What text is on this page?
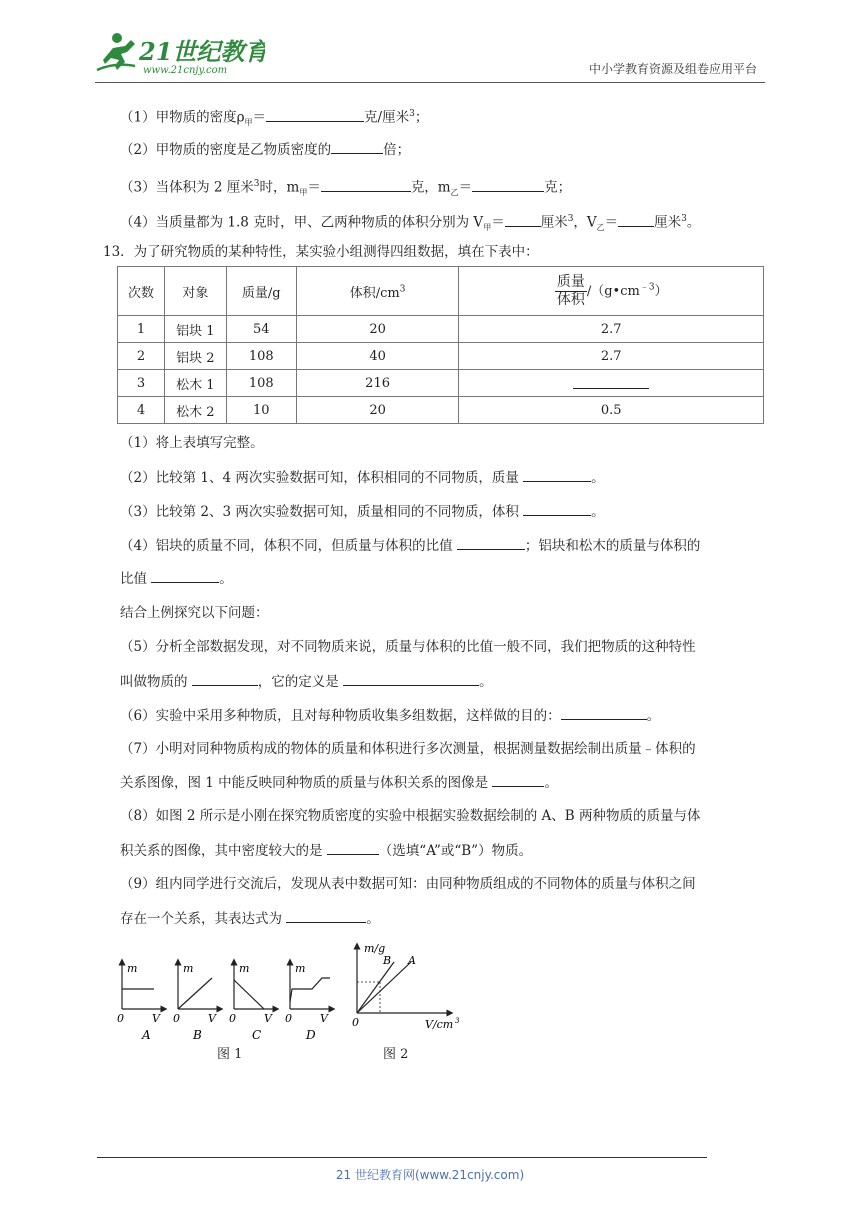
21世纪教育
www.21cnjy.com	中小学教育资源及组卷应用平台
（1）甲物质的密度$\rho_甲=$	克/厘米$^3$；
（2）甲物质的密度是乙物质密度的	倍；
（3）当体积为 2 厘米$^3$时，$m_甲=$	克，$m_乙=$	克；
（4）当质量都为 1.8 克时，甲、乙两种物质的体积分别为 $V_甲=$	厘米$^3$，$V_乙=$	厘米$^3$。
13．为了研究物质的某种特性，某实验小组测得四组数据，填在下表中：
次数	对象	质量/g	体积$/cm^3$	$\frac{\text{质量}}{\text{体积}}$ $/(g•cm^{﹣3})$
1	铝块 1	54	20	2.7
2	铝块 2	108	40	2.7
3	松木 1	108	216	
4	松木 2	10	20	0.5
（1）将上表填写完整。
（2）比较第 1、4 两次实验数据可知，体积相同的不同物质，质量	。
（3）比较第 2、3 两次实验数据可知，质量相同的不同物质，体积	。
（4）铝块的质量不同，体积不同，但质量与体积的比值	；铝块和松木的质量与体积的
比值	。
结合上例探究以下问题：
（5）分析全部数据发现，对不同物质来说，质量与体积的比值一般不同，我们把物质的这种特性
叫做物质的	，它的定义是	。
（6）实验中采用多种物质，且对每种物质收集多组数据，这样做的目的：	。
（7）小明对同种物质构成的物体的质量和体积进行多次测量，根据测量数据绘制出质量﹣体积的
关系图像，图 1 中能反映同种物质的质量与体积关系的图像是	。
（8）如图 2 所示是小刚在探究物质密度的实验中根据实验数据绘制的 A、B 两种物质的质量与体
积关系的图像，其中密度较大的是	（选填“A”或“B”）物质。
（9）组内同学进行交流后，发现从表中数据可知：由同种物质组成的不同物体的质量与体积之间
存在一个关系，其表达式为	。
m
0	V
A
m
0	V
B
m
0	V
C
m
0	V
D
m/g
B A
0	V/cm 3
图 1	图 2
21 世纪教育网(www.21cnjy.com)
